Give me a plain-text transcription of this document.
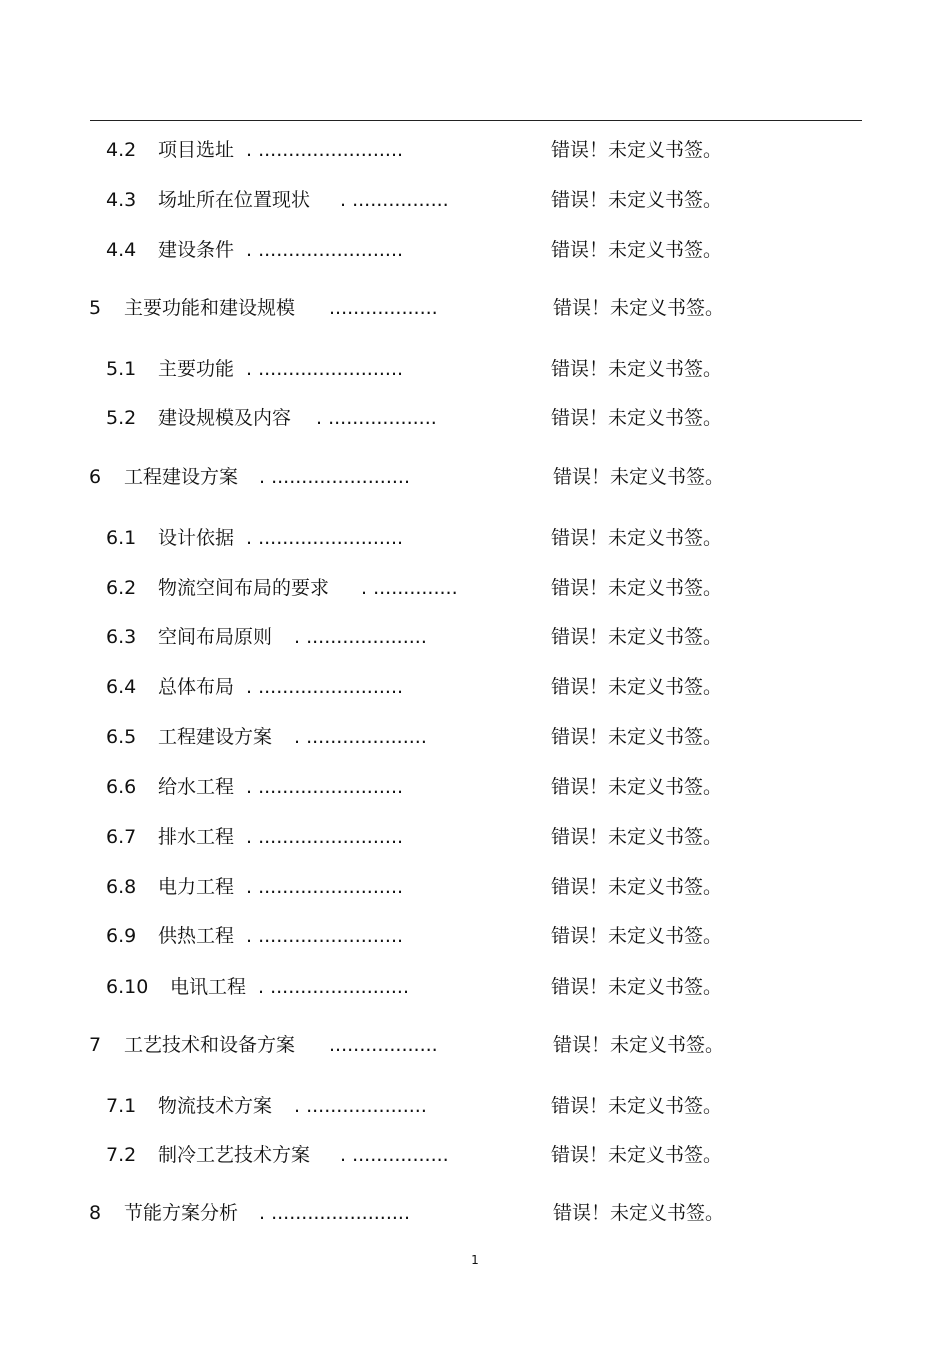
4.2 项目选址 . ........................	错误！未定义书签。
4.3 场址所在位置现状 . ................	错误！未定义书签。
4.4 建设条件 . ........................	错误！未定义书签。
5 主要功能和建设规模 ..................	错误！未定义书签。
5.1 主要功能 . ........................	错误！未定义书签。
5.2 建设规模及内容 . ..................	错误！未定义书签。
6 工程建设方案 . .......................	错误！未定义书签。
6.1 设计依据 . ........................	错误！未定义书签。
6.2 物流空间布局的要求 . ..............	错误！未定义书签。
6.3 空间布局原则 . ....................	错误！未定义书签。
6.4 总体布局 . ........................	错误！未定义书签。
6.5 工程建设方案 . ....................	错误！未定义书签。
6.6 给水工程 . ........................	错误！未定义书签。
6.7 排水工程 . ........................	错误！未定义书签。
6.8 电力工程 . ........................	错误！未定义书签。
6.9 供热工程 . ........................	错误！未定义书签。
6.10 电讯工程 . .......................	错误！未定义书签。
7 工艺技术和设备方案 ..................	错误！未定义书签。
7.1 物流技术方案 . ....................	错误！未定义书签。
7.2 制冷工艺技术方案 . ................	错误！未定义书签。
8 节能方案分析 . .......................	错误！未定义书签。
1
